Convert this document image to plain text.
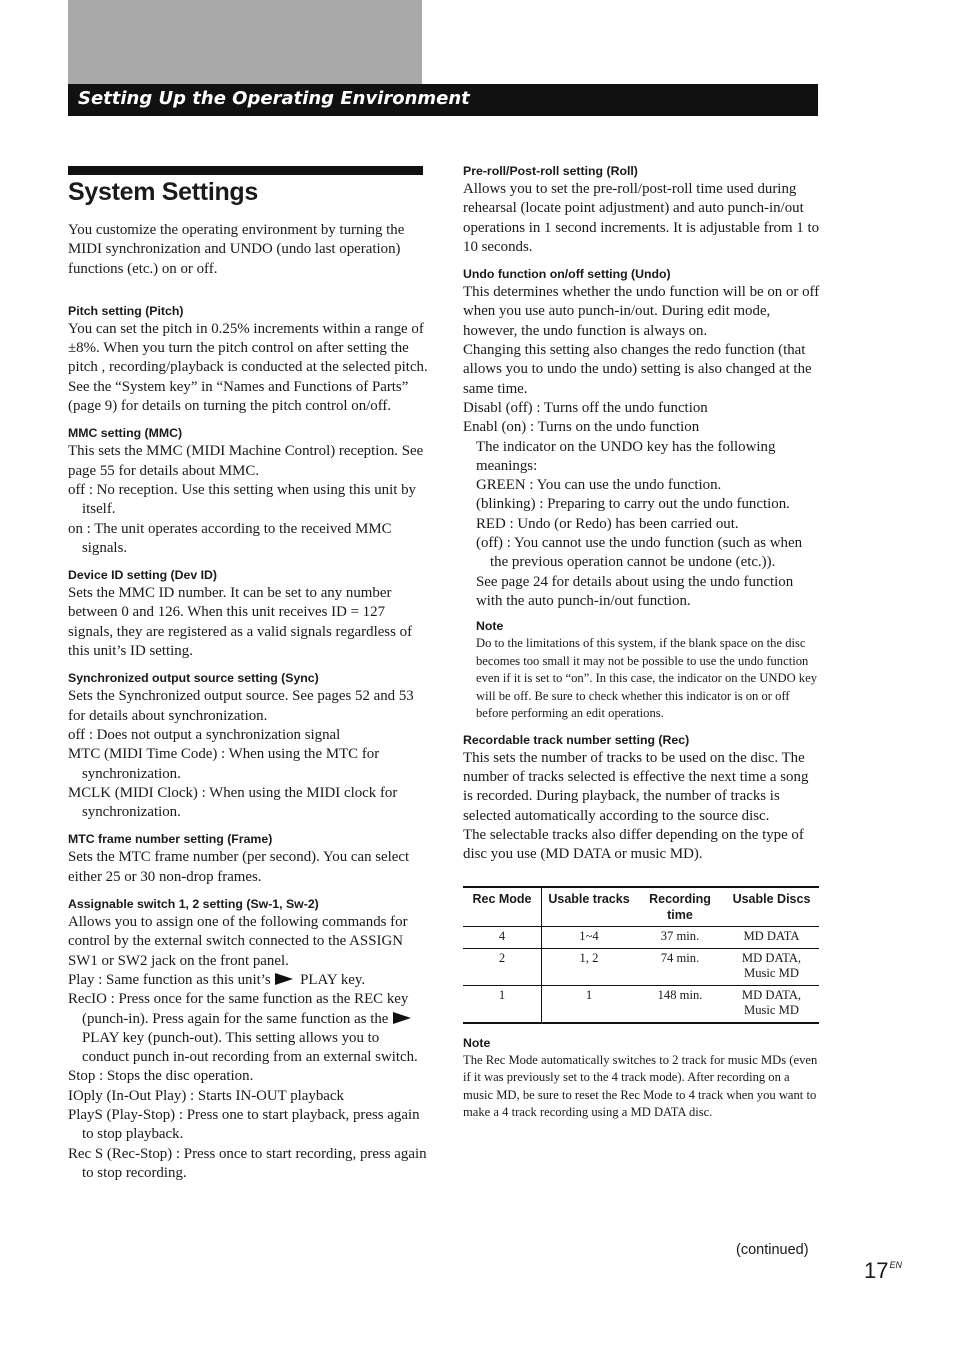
Setting Up the Operating Environment
System Settings

You customize the operating environment by turning the MIDI synchronization and UNDO (undo last operation) functions (etc.) on or off.

Pitch setting (Pitch)

You can set the pitch in 0.25% increments within a range of ±8%. When you turn the pitch control on after setting the pitch , recording/playback is conducted at the selected pitch.

See the “System key” in “Names and Functions of Parts” (page 9) for details on turning the pitch control on/off.

MMC setting (MMC)

This sets the MMC (MIDI Machine Control) reception. See page 55 for details about MMC.

off : No reception. Use this setting when using this unit by itself.

on : The unit operates according to the received MMC signals.

Device ID setting (Dev ID)

Sets the MMC ID number. It can be set to any number between 0 and 126. When this unit receives ID = 127 signals, they are registered as a valid signals regardless of this unit’s ID setting.

Synchronized output source setting (Sync)

Sets the Synchronized output source. See pages 52 and 53 for details about synchronization.

off : Does not output a synchronization signal

MTC (MIDI Time Code) : When using the MTC for synchronization.

MCLK (MIDI Clock) : When using the MIDI clock for synchronization.

MTC frame number setting (Frame)

Sets the MTC frame number (per second). You can select either 25 or 30 non-drop frames.

Assignable switch 1, 2 setting (Sw-1, Sw-2)

Allows you to assign one of the following commands for control by the external switch connected to the ASSIGN SW1 or SW2 jack on the front panel.

Play : Same function as this unit’s PLAY key.

RecIO : Press once for the same function as the REC key (punch-in). Press again for the same function as the  PLAY key (punch-out). This setting allows you to conduct punch in-out recording from an external switch.

Stop : Stops the disc operation.

IOply (In-Out Play) : Starts IN-OUT playback

PlayS (Play-Stop) : Press one to start playback, press again to stop playback.

Rec S (Rec-Stop) : Press once to start recording, press again to stop recording.

Pre-roll/Post-roll setting (Roll)

Allows you to set the pre-roll/post-roll time used during rehearsal (locate point adjustment) and auto punch-in/out operations in 1 second increments. It is adjustable from 1 to 10 seconds.

Undo function on/off setting (Undo)

This determines whether the undo function will be on or off when you use auto punch-in/out. During edit mode, however, the undo function is always on.

Changing this setting also changes the redo function (that allows you to undo the undo) setting is also changed at the same time.

Disabl (off) : Turns off the undo function

Enabl (on) : Turns on the undo function

The indicator on the UNDO key has the following meanings:

GREEN : You can use the undo function.

(blinking) : Preparing to carry out the undo function.

RED : Undo (or Redo) has been carried out.

(off) : You cannot use the undo function (such as when the previous operation cannot be undone (etc.)).

See page 24 for details about using the undo function with the auto punch-in/out function.

Note

Do to the limitations of this system, if the blank space on the disc becomes too small it may not be possible to use the undo function even if it is set to “on”. In this case, the indicator on the UNDO key will be off. Be sure to check whether this indicator is on or off before performing an edit operations.

Recordable track number setting (Rec)

This sets the number of tracks to be used on the disc. The number of tracks selected is effective the next time a song is recorded. During playback, the number of tracks is selected automatically according to the source disc.

The selectable tracks also differ depending on the type of disc you use (MD DATA or music MD).

Rec Mode	Usable tracks	Recording time	Usable Discs
4	1~4	37 min.	MD DATA
2	1, 2	74 min.	MD DATA, Music MD
1	1	148 min.	MD DATA, Music MD

Note

The Rec Mode automatically switches to 2 track for music MDs (even if it was previously set to the 4 track mode). After recording on a music MD, be sure to reset the Rec Mode to 4 track when you want to make a 4 track recording using a MD DATA disc.

(continued)
$17^{EN}$
